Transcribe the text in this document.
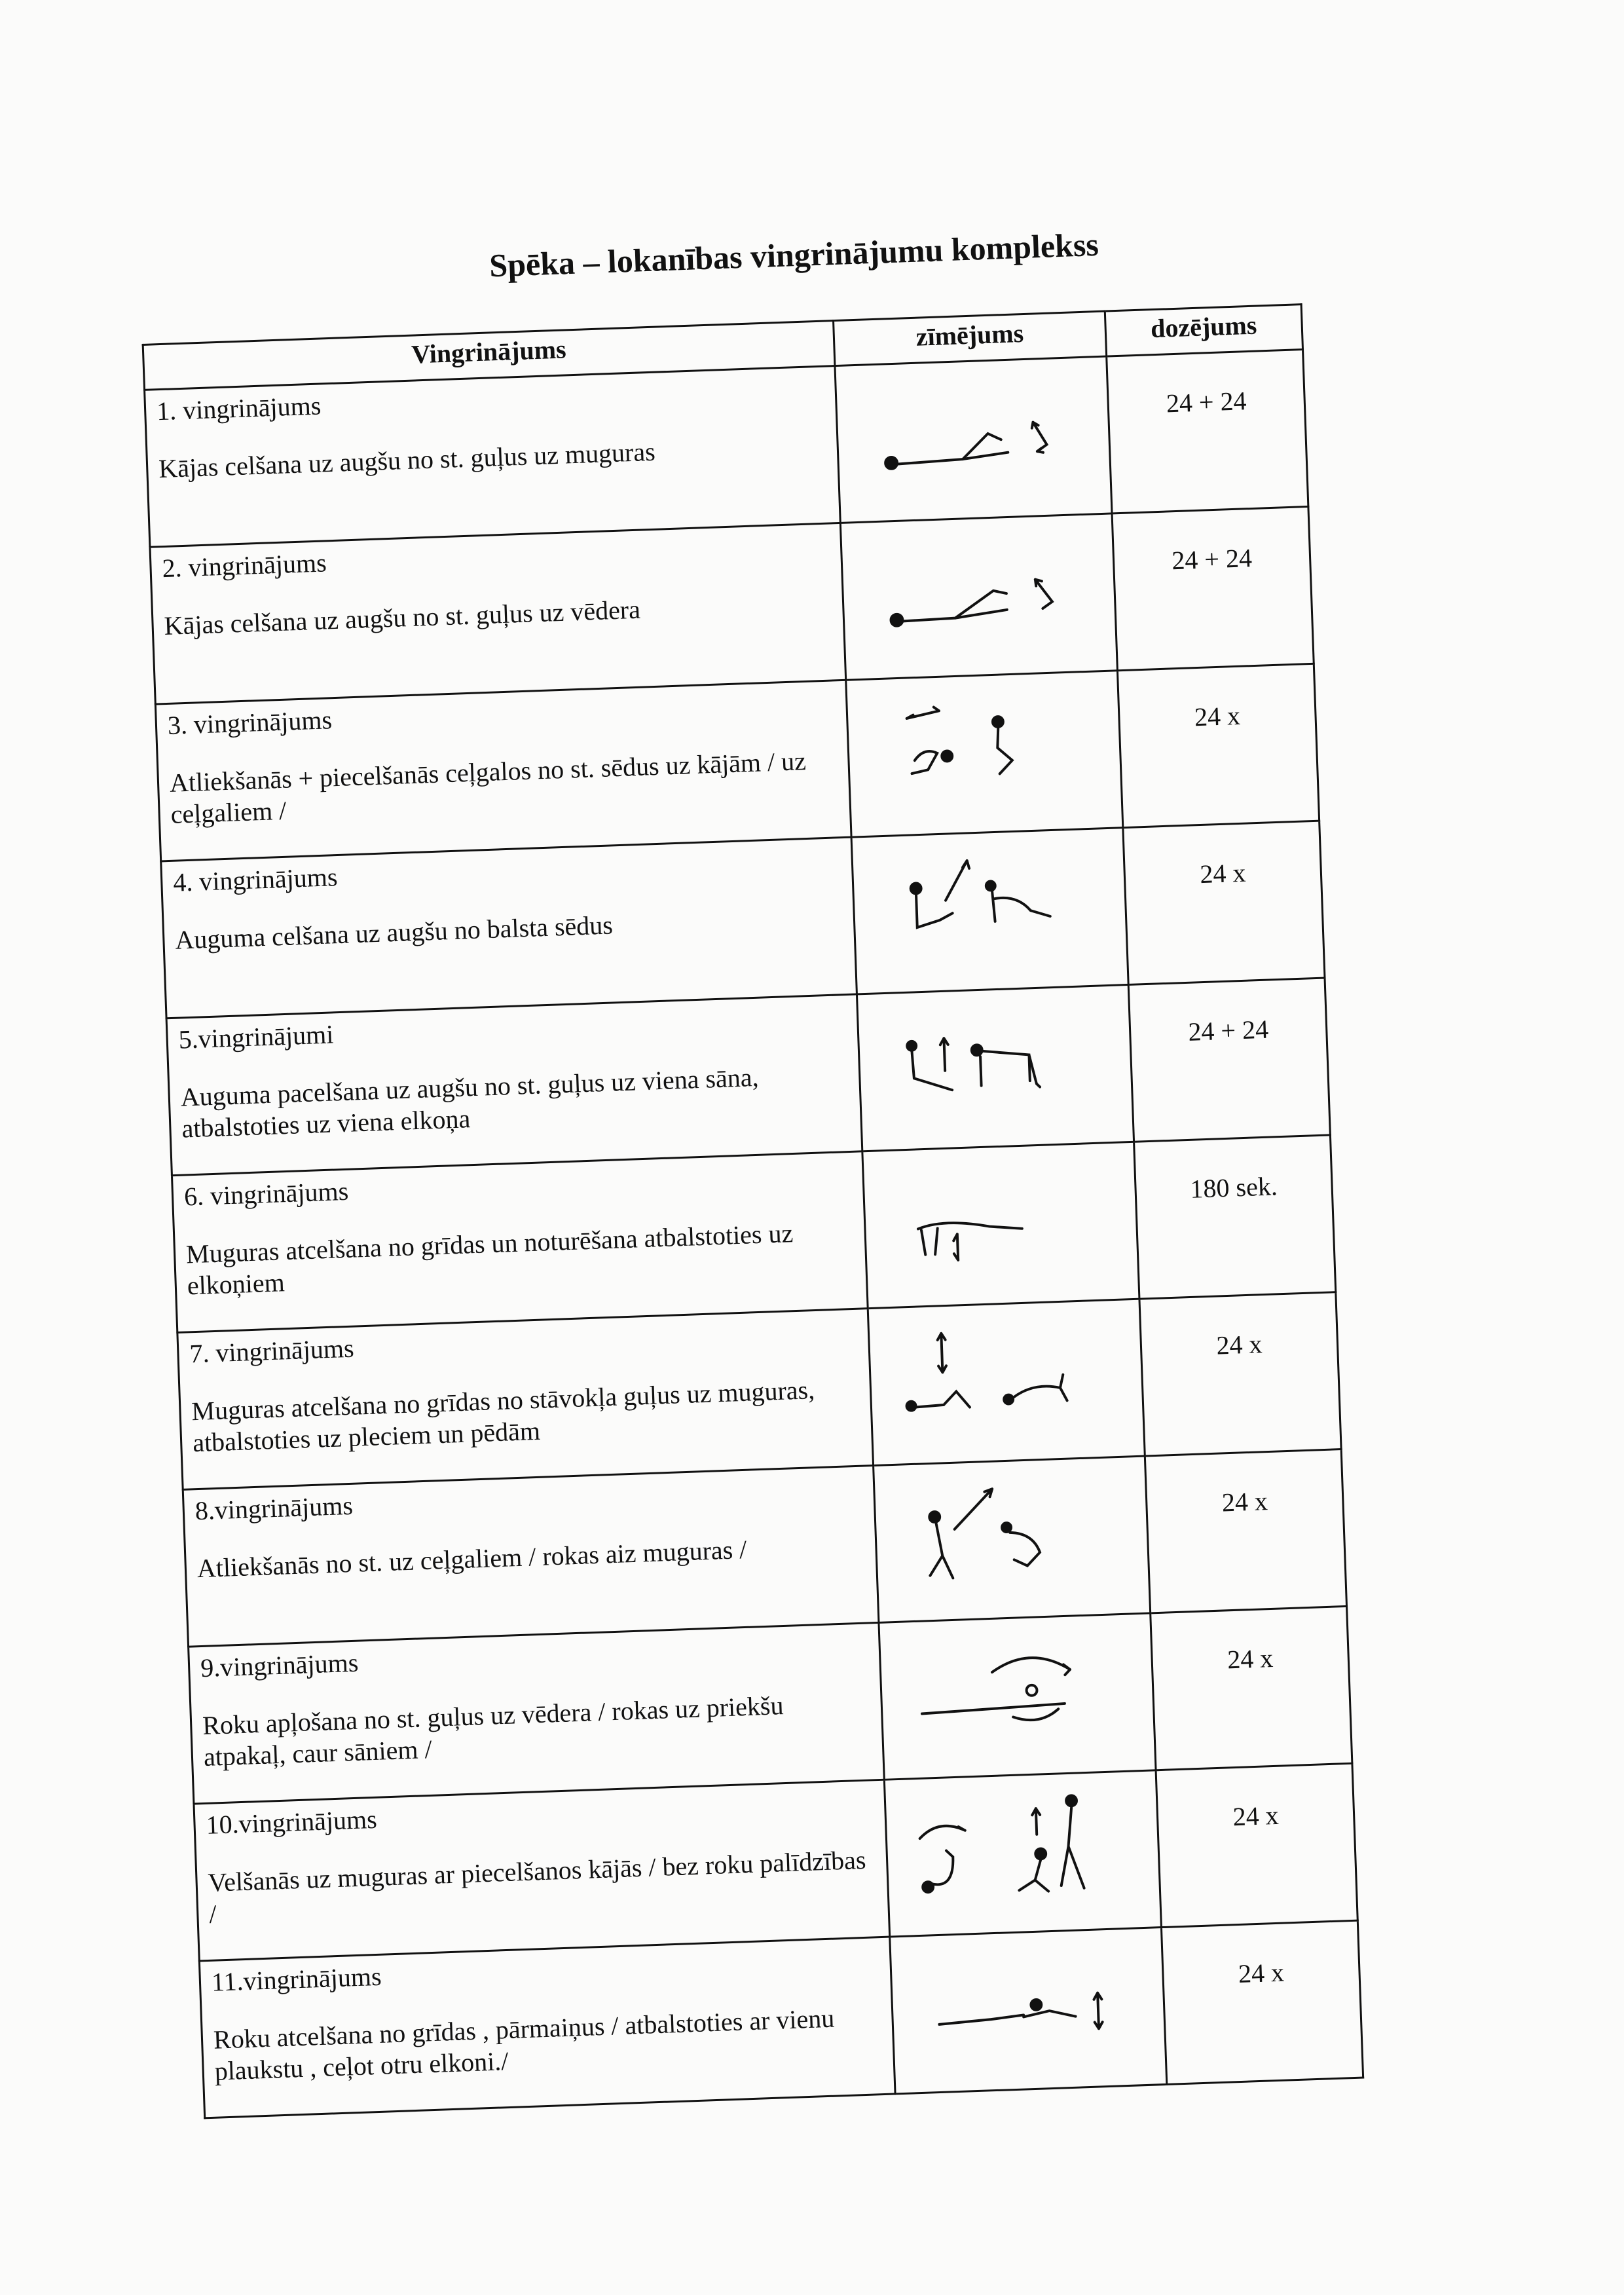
Spēka – lokanības vingrinājumu komplekss
Vingrinājums	zīmējums	dozējums

1. vingrinājums
Kājas celšana uz augšu no st. guļus uz muguras		24 + 24

2. vingrinājums
Kājas celšana uz augšu no st. guļus uz vēdera		24 + 24

3. vingrinājums
Atliekšanās + piecelšanās ceļgalos no st. sēdus uz kājām / uz ceļgaliem /		24 x

4. vingrinājums
Auguma celšana uz augšu no balsta sēdus		24 x

5.vingrinājumi
Auguma pacelšana uz augšu no st. guļus uz viena sāna, atbalstoties uz viena elkoņa		24 + 24

6. vingrinājums
Muguras atcelšana no grīdas un noturēšana atbalstoties uz elkoņiem		180 sek.

7. vingrinājums
Muguras atcelšana no grīdas no stāvokļa guļus uz muguras, atbalstoties uz pleciem un pēdām		24 x

8.vingrinājums
Atliekšanās no st. uz ceļgaliem / rokas aiz muguras /		24 x

9.vingrinājums
Roku apļošana no st. guļus uz vēdera / rokas uz priekšu atpakaļ, caur sāniem /		24 x

10.vingrinājums
Velšanās uz muguras ar piecelšanos kājās / bez roku palīdzības /		24 x

11.vingrinājums
Roku atcelšana no grīdas , pārmaiņus / atbalstoties ar vienu plaukstu , ceļot otru elkoni./		24 x
